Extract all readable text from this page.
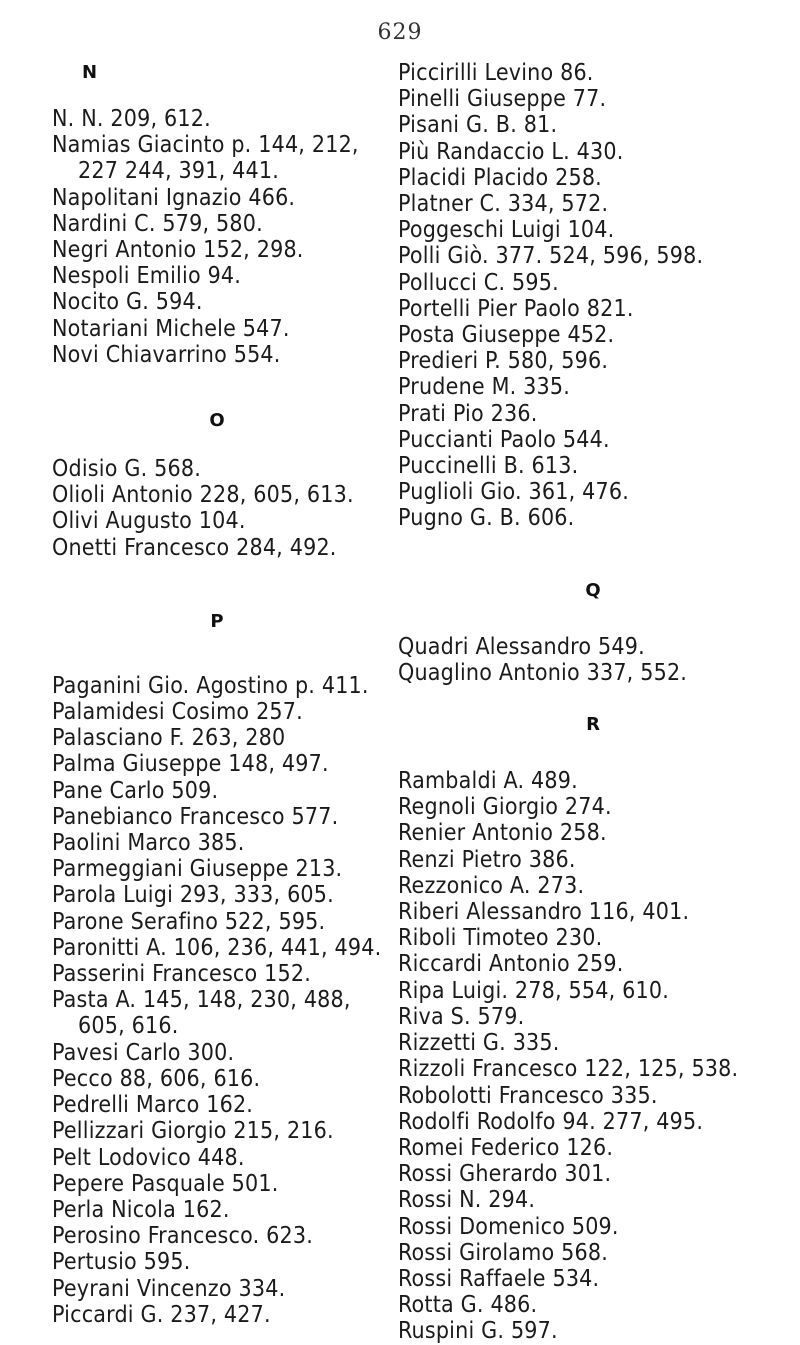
629

N

N. N. 209, 612.
Namias Giacinto p. 144, 212, 227 244, 391, 441.
Napolitani Ignazio 466.
Nardini C. 579, 580.
Negri Antonio 152, 298.
Nespoli Emilio 94.
Nocito G. 594.
Notariani Michele 547.
Novi Chiavarrino 554.

O

Odisio G. 568.
Olioli Antonio 228, 605, 613.
Olivi Augusto 104.
Onetti Francesco 284, 492.

P

Paganini Gio. Agostino p. 411.
Palamidesi Cosimo 257.
Palasciano F. 263, 280
Palma Giuseppe 148, 497.
Pane Carlo 509.
Panebianco Francesco 577.
Paolini Marco 385.
Parmeggiani Giuseppe 213.
Parola Luigi 293, 333, 605.
Parone Serafino 522, 595.
Paronitti A. 106, 236, 441, 494.
Passerini Francesco 152.
Pasta A. 145, 148, 230, 488, 605, 616.
Pavesi Carlo 300.
Pecco 88, 606, 616.
Pedrelli Marco 162.
Pellizzari Giorgio 215, 216.
Pelt Lodovico 448.
Pepere Pasquale 501.
Perla Nicola 162.
Perosino Francesco. 623.
Pertusio 595.
Peyrani Vincenzo 334.
Piccardi G. 237, 427.
Piccirilli Levino 86.
Pinelli Giuseppe 77.
Pisani G. B. 81.
Più Randaccio L. 430.
Placidi Placido 258.
Platner C. 334, 572.
Poggeschi Luigi 104.
Polli Giò. 377. 524, 596, 598.
Pollucci C. 595.
Portelli Pier Paolo 821.
Posta Giuseppe 452.
Predieri P. 580, 596.
Prudene M. 335.
Prati Pio 236.
Puccianti Paolo 544.
Puccinelli B. 613.
Puglioli Gio. 361, 476.
Pugno G. B. 606.

Q

Quadri Alessandro 549.
Quaglino Antonio 337, 552.

R

Rambaldi A. 489.
Regnoli Giorgio 274.
Renier Antonio 258.
Renzi Pietro 386.
Rezzonico A. 273.
Riberi Alessandro 116, 401.
Riboli Timoteo 230.
Riccardi Antonio 259.
Ripa Luigi. 278, 554, 610.
Riva S. 579.
Rizzetti G. 335.
Rizzoli Francesco 122, 125, 538.
Robolotti Francesco 335.
Rodolfi Rodolfo 94. 277, 495.
Romei Federico 126.
Rossi Gherardo 301.
Rossi N. 294.
Rossi Domenico 509.
Rossi Girolamo 568.
Rossi Raffaele 534.
Rotta G. 486.
Ruspini G. 597.
